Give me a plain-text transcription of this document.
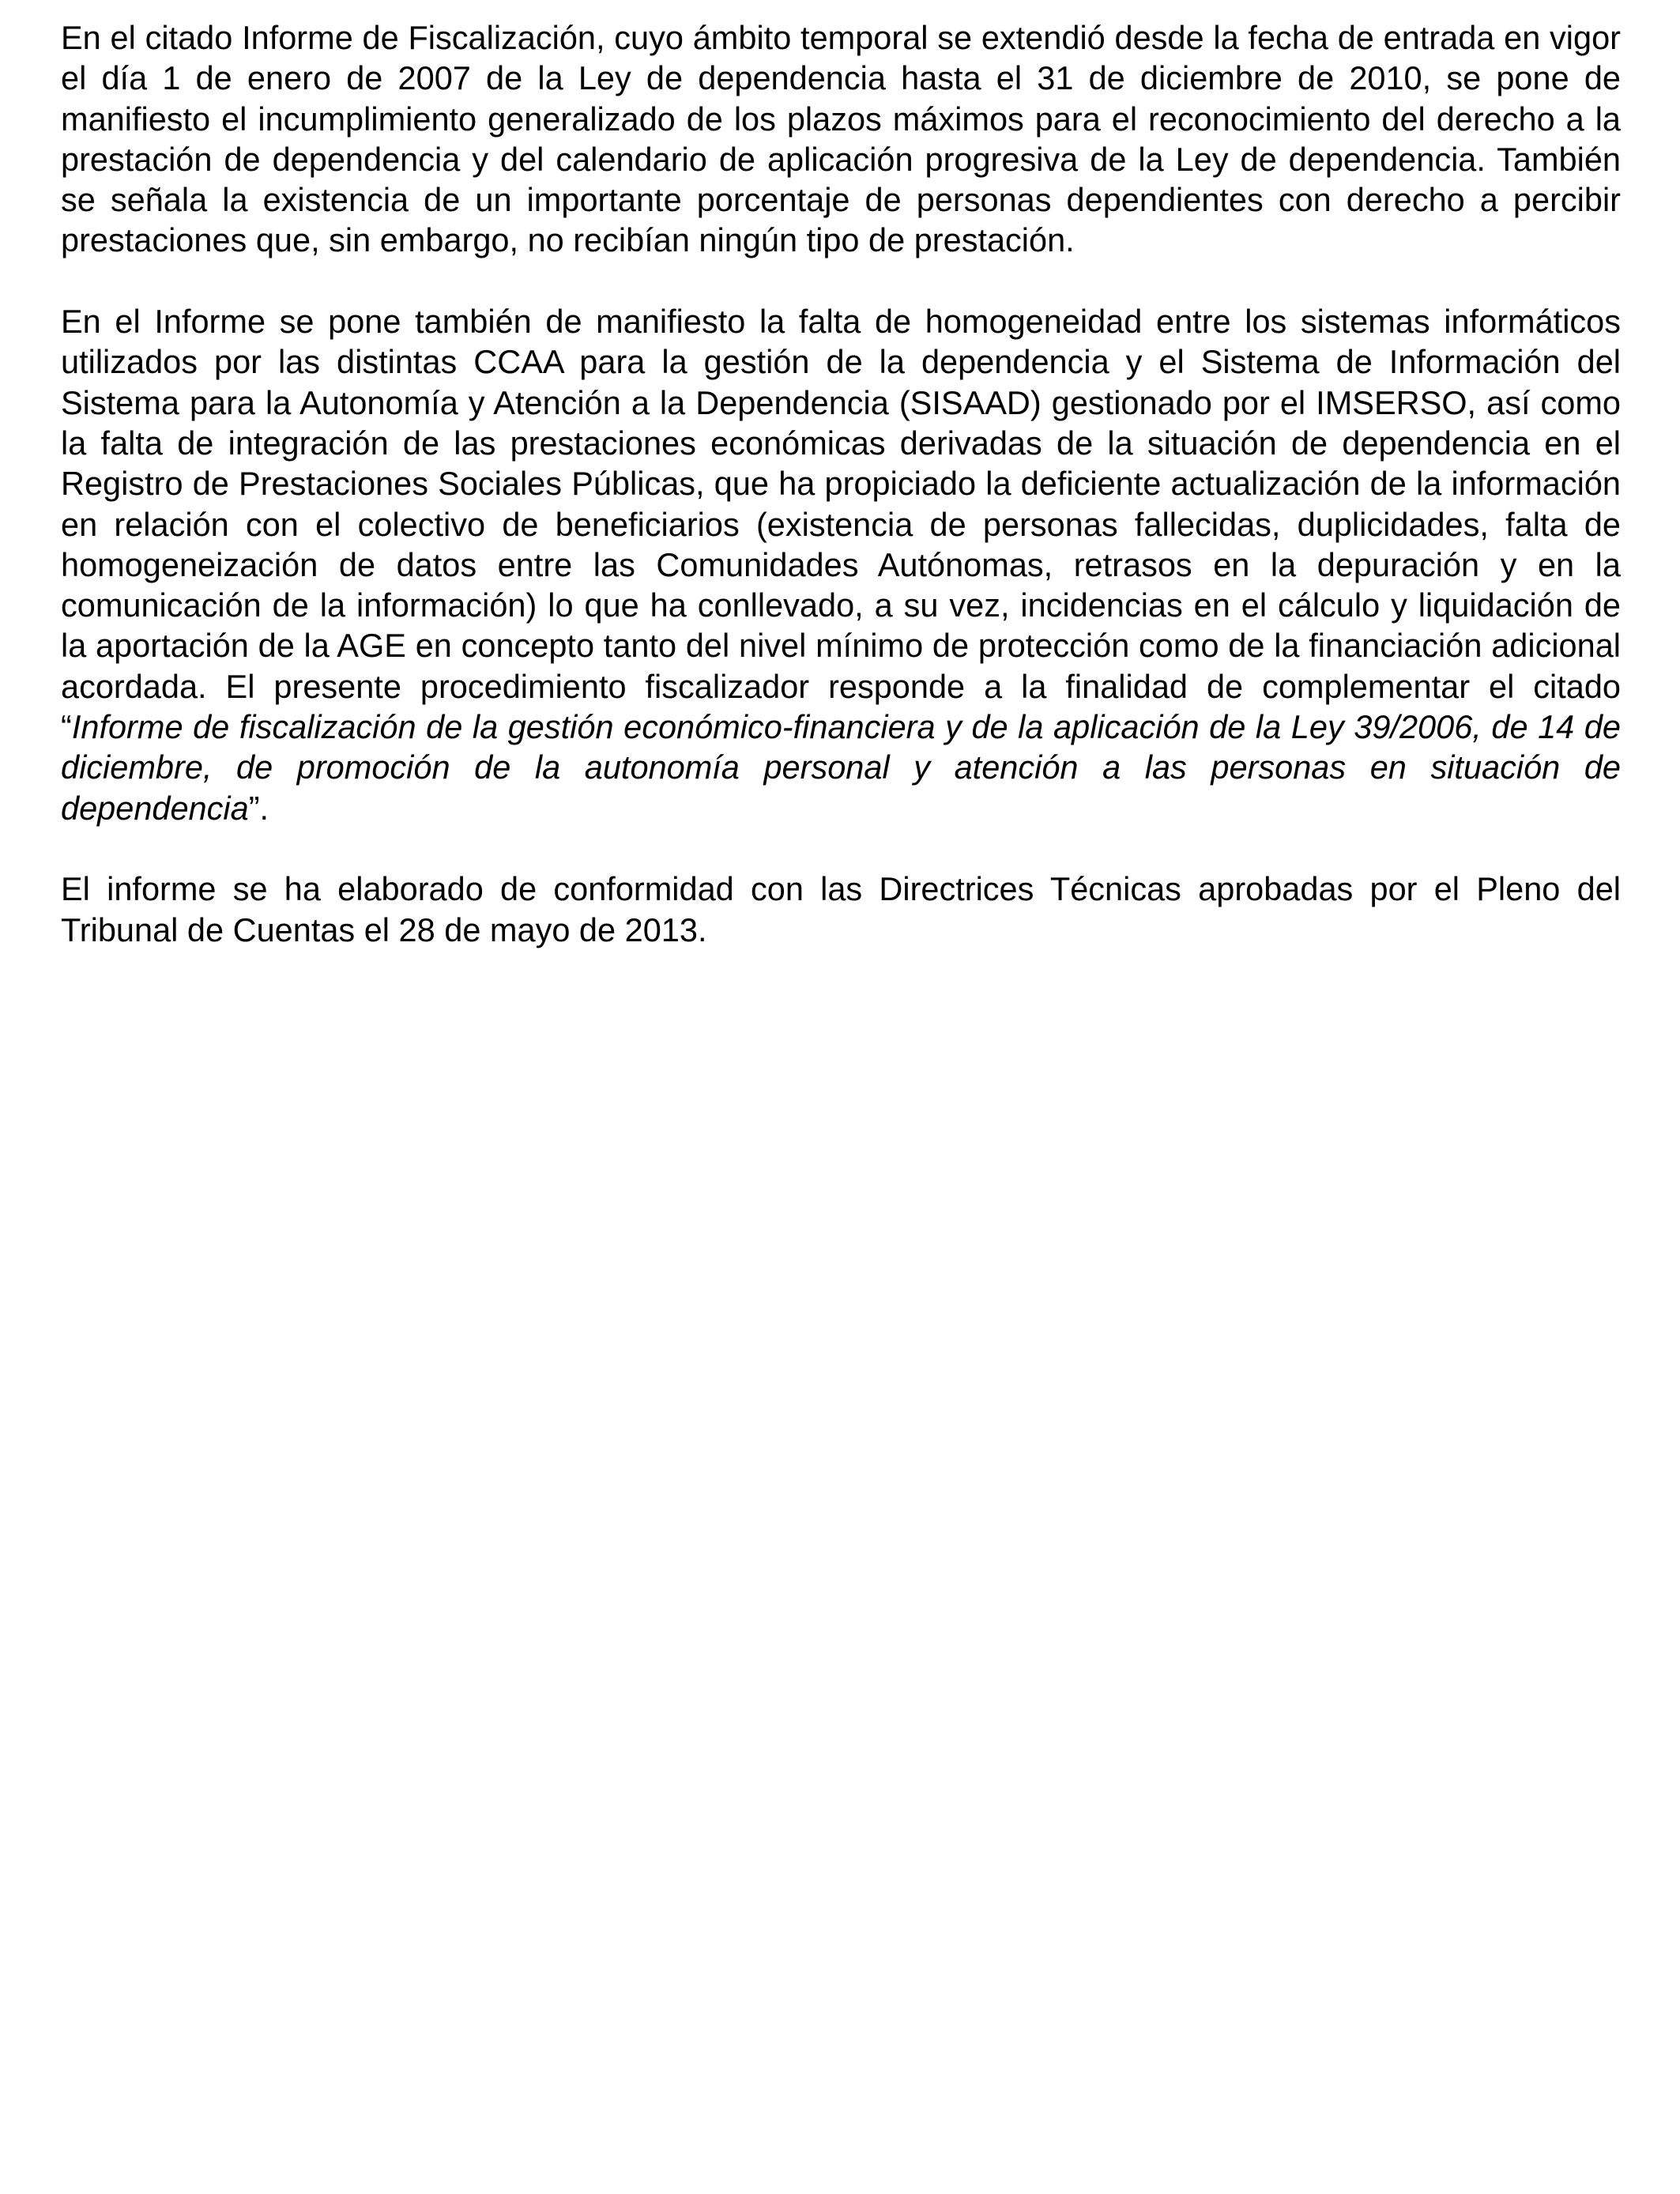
En el citado Informe de Fiscalización, cuyo ámbito temporal se extendió desde la fecha de entrada en vigor el día 1 de enero de 2007 de la Ley de dependencia hasta el 31 de diciembre de 2010, se pone de manifiesto el incumplimiento generalizado de los plazos máximos para el reconocimiento del derecho a la prestación de dependencia y del calendario de aplicación progresiva de la Ley de dependencia. También se señala la existencia de un importante porcentaje de personas dependientes con derecho a percibir prestaciones que, sin embargo, no recibían ningún tipo de prestación.

En el Informe se pone también de manifiesto la falta de homogeneidad entre los sistemas informáticos utilizados por las distintas CCAA para la gestión de la dependencia y el Sistema de Información del Sistema para la Autonomía y Atención a la Dependencia (SISAAD) gestionado por el IMSERSO, así como la falta de integración de las prestaciones económicas derivadas de la situación de dependencia en el Registro de Prestaciones Sociales Públicas, que ha propiciado la deficiente actualización de la información en relación con el colectivo de beneficiarios (existencia de personas fallecidas, duplicidades, falta de homogeneización de datos entre las Comunidades Autónomas, retrasos en la depuración y en la comunicación de la información) lo que ha conllevado, a su vez, incidencias en el cálculo y liquidación de la aportación de la AGE en concepto tanto del nivel mínimo de protección como de la financiación adicional acordada. El presente procedimiento fiscalizador responde a la finalidad de complementar el citado “Informe de fiscalización de la gestión económico-financiera y de la aplicación de la Ley 39/2006, de 14 de diciembre, de promoción de la autonomía personal y atención a las personas en situación de dependencia”.

El informe se ha elaborado de conformidad con las Directrices Técnicas aprobadas por el Pleno del Tribunal de Cuentas el 28 de mayo de 2013.
